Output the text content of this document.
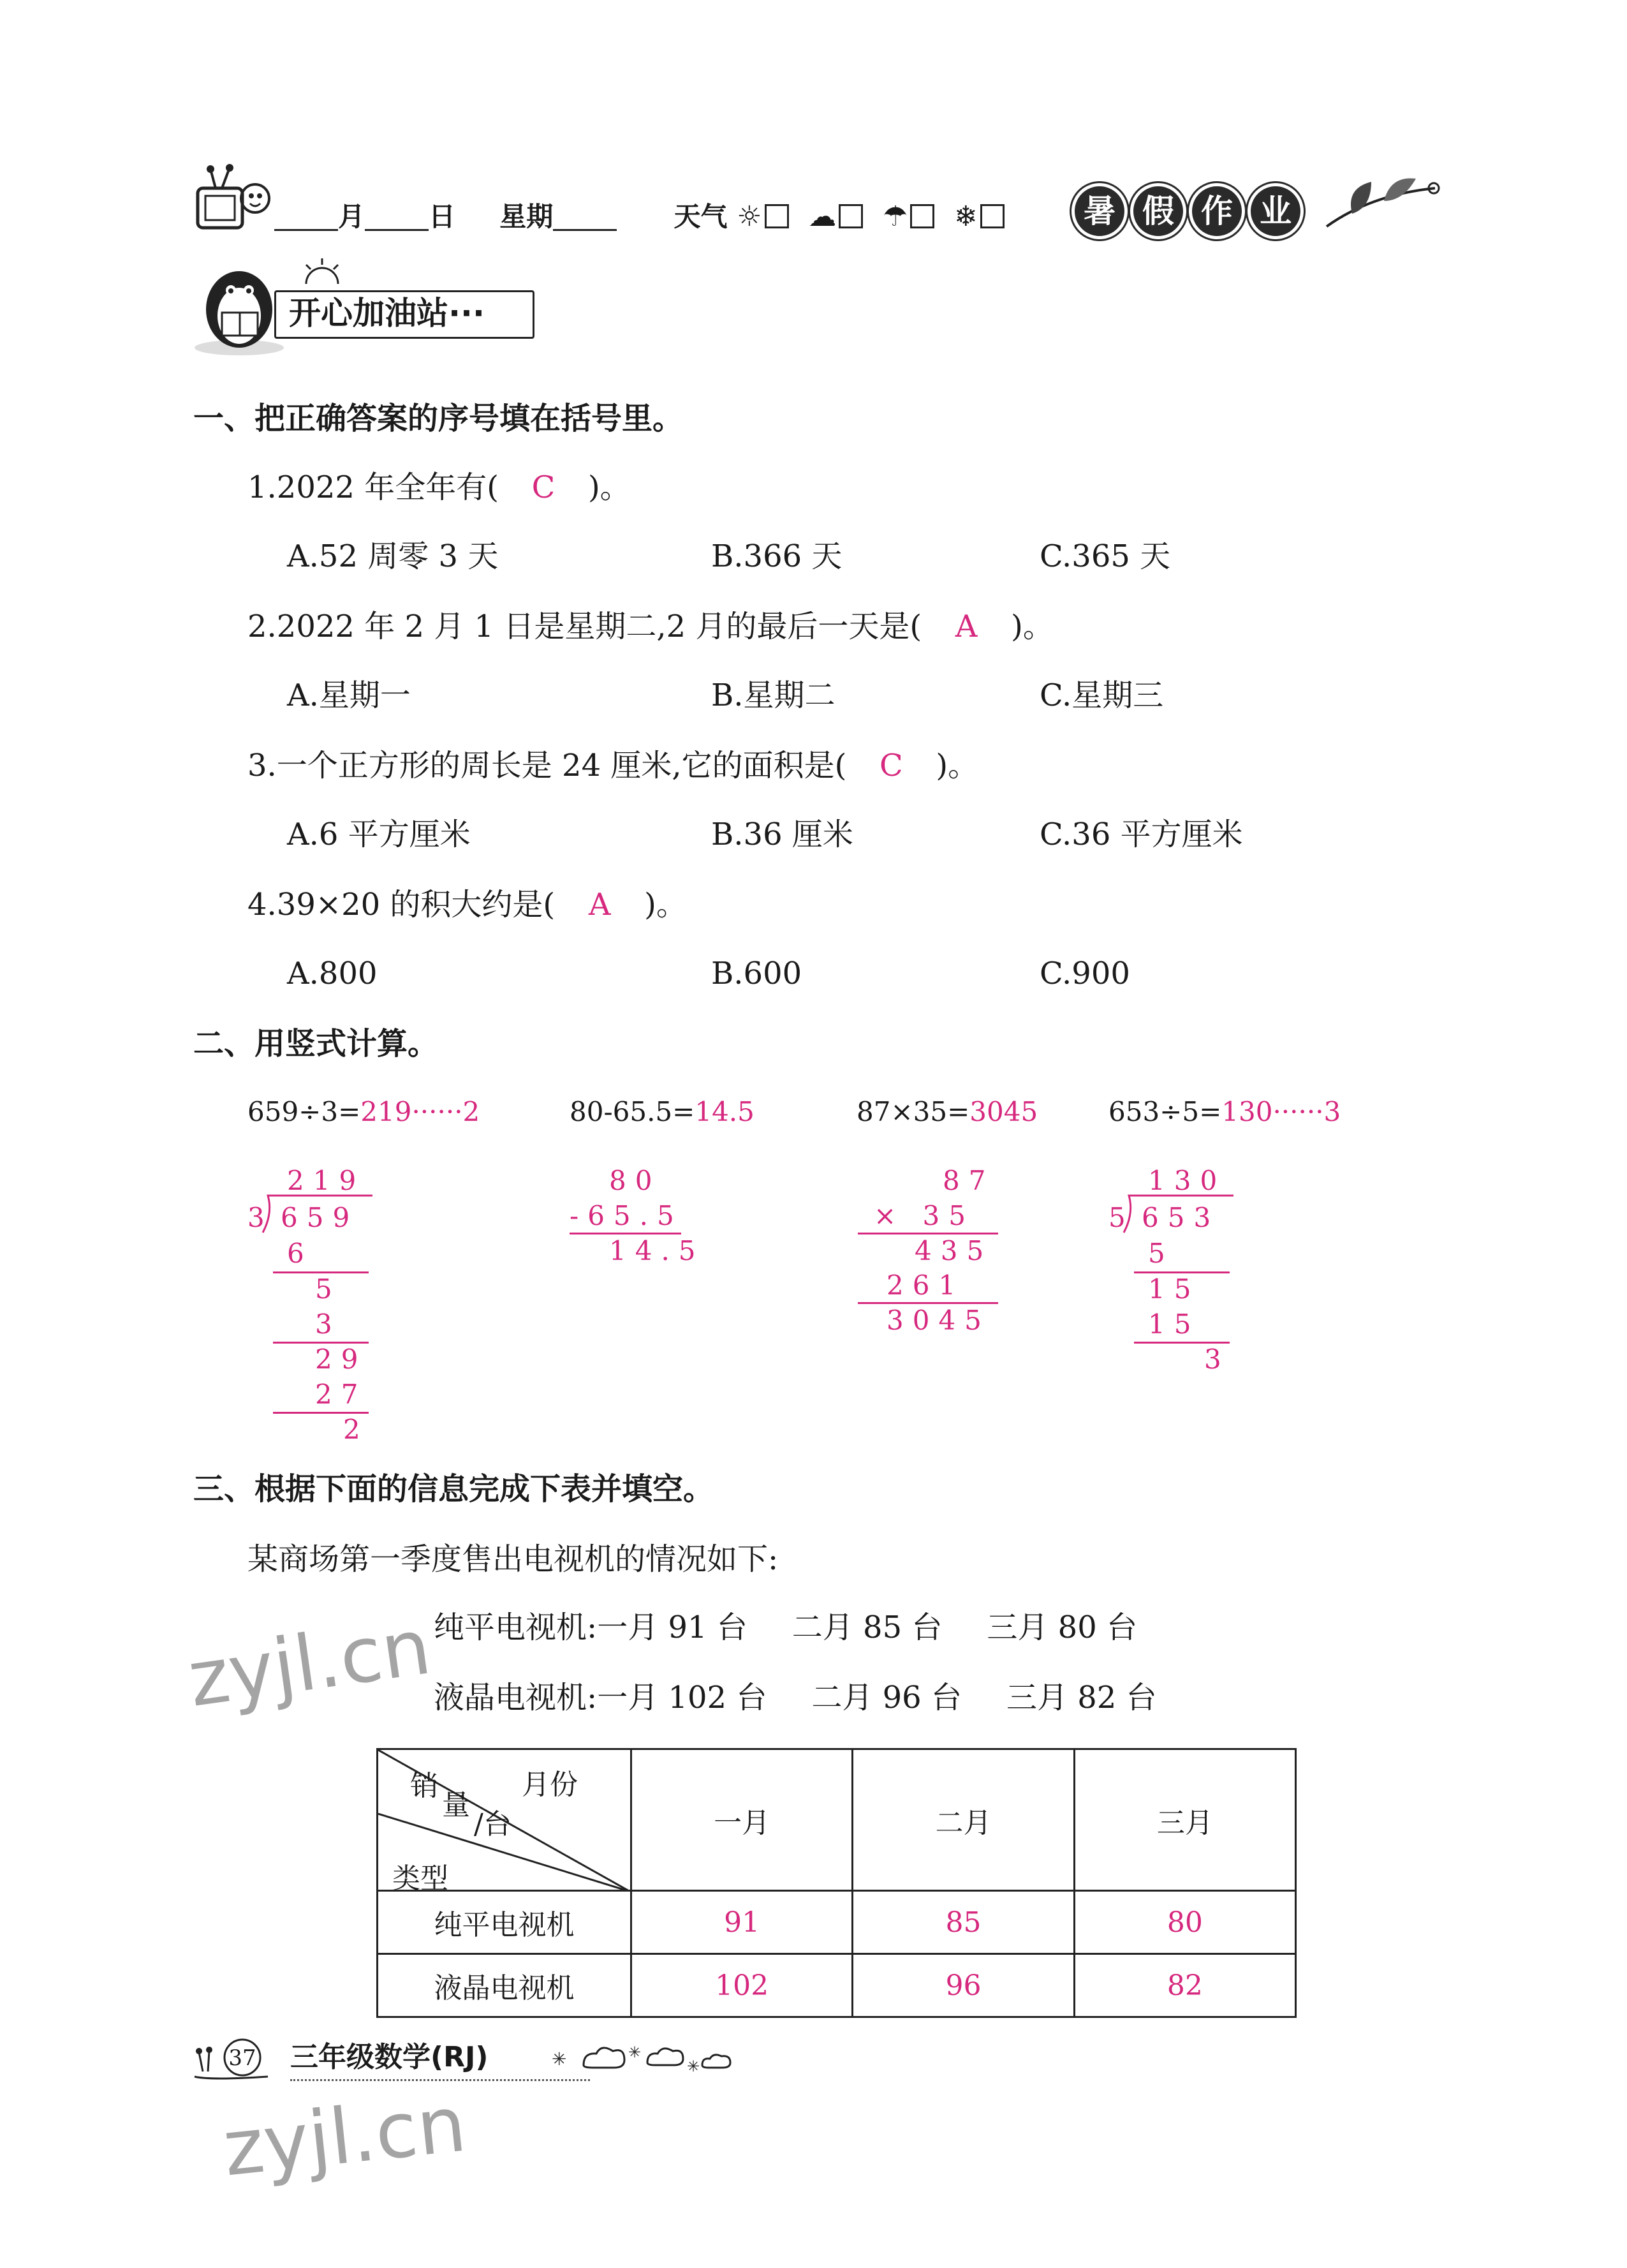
月 日 星期	天气 ☼ ☁ ☂ ❄	暑 假 作 业
开心加油站···
一、把正确答案的序号填在括号里。
1.2022 年全年有( C )。
A.52 周零 3 天	B.366 天	C.365 天
2.2022 年 2 月 1 日是星期二,2 月的最后一天是( A )。
A.星期一	B.星期二	C.星期三
3.一个正方形的周长是 24 厘米,它的面积是( C )。
A.6 平方厘米	B.36 厘米	C.36 平方厘米
4.39×20 的积大约是( A )。
A.800	B.600	C.900
二、用竖式计算。
659÷3=219······2	80-65.5=14.5	87×35=3045	653÷5=130······3
219
3 659
6
5
3
29
27
2
80
-65.5
14.5
87
× 35
435
261
3045
130
5 653
5
15
15
3
三、根据下面的信息完成下表并填空。
某商场第一季度售出电视机的情况如下:
纯平电视机:一月 91 台 二月 85 台 三月 80 台
液晶电视机:一月 102 台 二月 96 台 三月 82 台
月份
销
量
/台
类型	一月	二月	三月
纯平电视机	91	85	80
液晶电视机	102	96	82
zyjl.cn
zyjl.cn
37 三年级数学(RJ)	✳	✳
✳
